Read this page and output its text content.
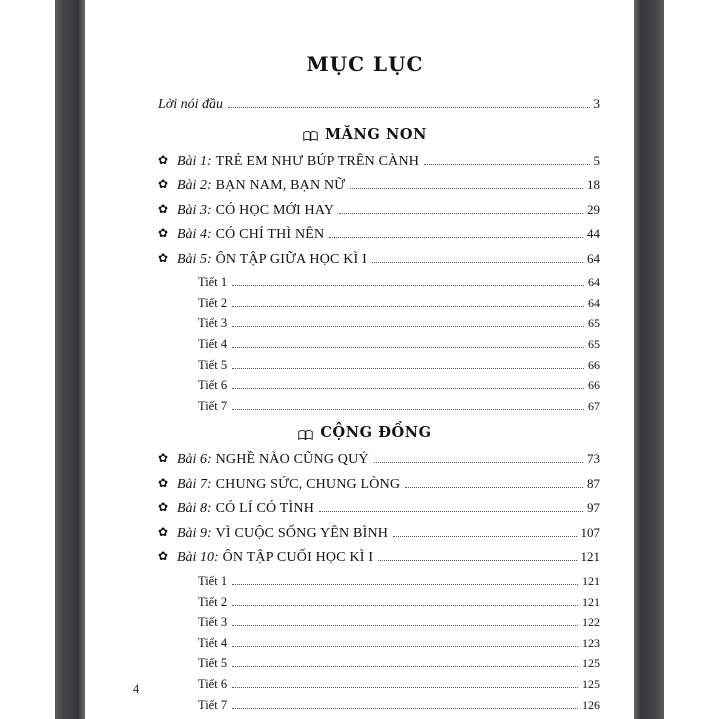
MỤC LỤC
Lời nói đầu	3
MĂNG NON
✿ Bài 1: TRẺ EM NHƯ BÚP TRÊN CÀNH	5
✿ Bài 2: BẠN NAM, BẠN NỮ	18
✿ Bài 3: CÓ HỌC MỚI HAY	29
✿ Bài 4: CÓ CHÍ THÌ NÊN	44
✿ Bài 5: ÔN TẬP GIỮA HỌC KÌ I	64
Tiết 1	64
Tiết 2	64
Tiết 3	65
Tiết 4	65
Tiết 5	66
Tiết 6	66
Tiết 7	67
CỘNG ĐỒNG
✿ Bài 6: NGHỀ NÀO CŨNG QUÝ	73
✿ Bài 7: CHUNG SỨC, CHUNG LÒNG	87
✿ Bài 8: CÓ LÍ CÓ TÌNH	97
✿ Bài 9: VÌ CUỘC SỐNG YÊN BÌNH	107
✿ Bài 10: ÔN TẬP CUỐI HỌC KÌ I	121
Tiết 1	121
Tiết 2	121
Tiết 3	122
Tiết 4	123
Tiết 5	125
Tiết 6	125
Tiết 7	126
4
